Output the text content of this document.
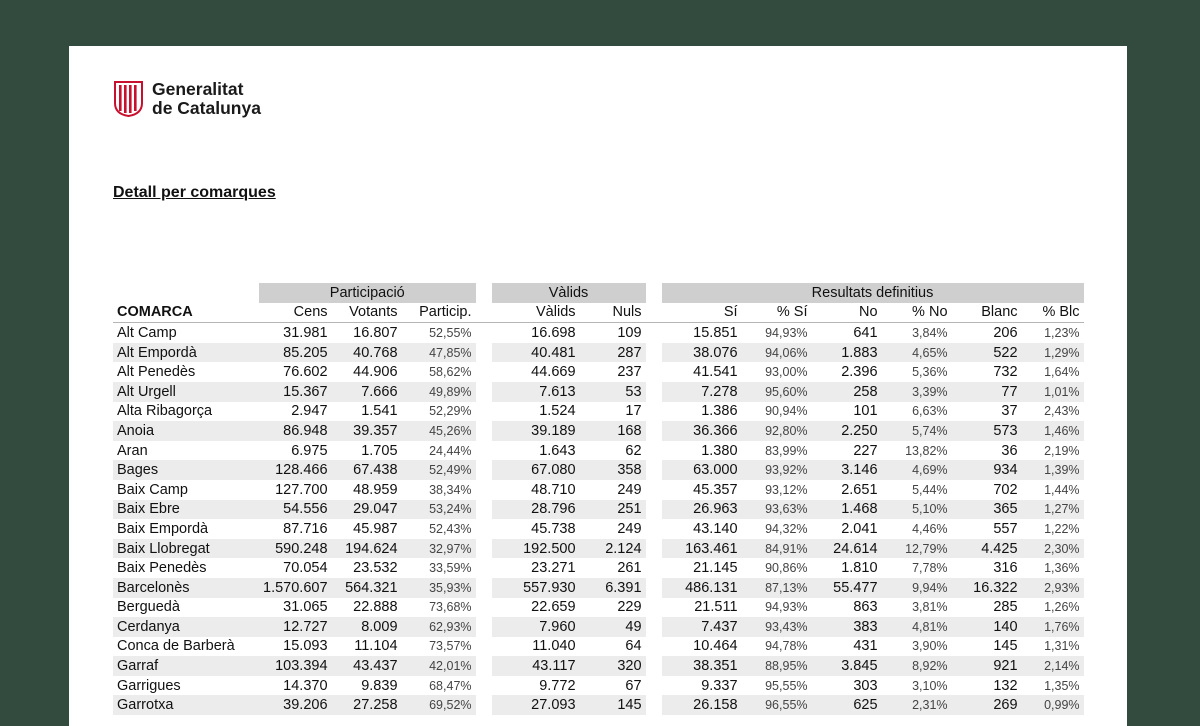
Generalitat
de Catalunya
Detall per comarques
	Participació				Vàlids			Resultats definitius					
COMARCA	Cens	Votants	Particip.		Vàlids	Nuls		Sí	% Sí	No	% No	Blanc	% Blc
Alt Camp	31.981	16.807	52,55%		16.698	109		15.851	94,93%	641	3,84%	206	1,23%
Alt Empordà	85.205	40.768	47,85%		40.481	287		38.076	94,06%	1.883	4,65%	522	1,29%
Alt Penedès	76.602	44.906	58,62%		44.669	237		41.541	93,00%	2.396	5,36%	732	1,64%
Alt Urgell	15.367	7.666	49,89%		7.613	53		7.278	95,60%	258	3,39%	77	1,01%
Alta Ribagorça	2.947	1.541	52,29%		1.524	17		1.386	90,94%	101	6,63%	37	2,43%
Anoia	86.948	39.357	45,26%		39.189	168		36.366	92,80%	2.250	5,74%	573	1,46%
Aran	6.975	1.705	24,44%		1.643	62		1.380	83,99%	227	13,82%	36	2,19%
Bages	128.466	67.438	52,49%		67.080	358		63.000	93,92%	3.146	4,69%	934	1,39%
Baix Camp	127.700	48.959	38,34%		48.710	249		45.357	93,12%	2.651	5,44%	702	1,44%
Baix Ebre	54.556	29.047	53,24%		28.796	251		26.963	93,63%	1.468	5,10%	365	1,27%
Baix Empordà	87.716	45.987	52,43%		45.738	249		43.140	94,32%	2.041	4,46%	557	1,22%
Baix Llobregat	590.248	194.624	32,97%		192.500	2.124		163.461	84,91%	24.614	12,79%	4.425	2,30%
Baix Penedès	70.054	23.532	33,59%		23.271	261		21.145	90,86%	1.810	7,78%	316	1,36%
Barcelonès	1.570.607	564.321	35,93%		557.930	6.391		486.131	87,13%	55.477	9,94%	16.322	2,93%
Berguedà	31.065	22.888	73,68%		22.659	229		21.511	94,93%	863	3,81%	285	1,26%
Cerdanya	12.727	8.009	62,93%		7.960	49		7.437	93,43%	383	4,81%	140	1,76%
Conca de Barberà	15.093	11.104	73,57%		11.040	64		10.464	94,78%	431	3,90%	145	1,31%
Garraf	103.394	43.437	42,01%		43.117	320		38.351	88,95%	3.845	8,92%	921	2,14%
Garrigues	14.370	9.839	68,47%		9.772	67		9.337	95,55%	303	3,10%	132	1,35%
Garrotxa	39.206	27.258	69,52%		27.093	145		26.158	96,55%	625	2,31%	269	0,99%
